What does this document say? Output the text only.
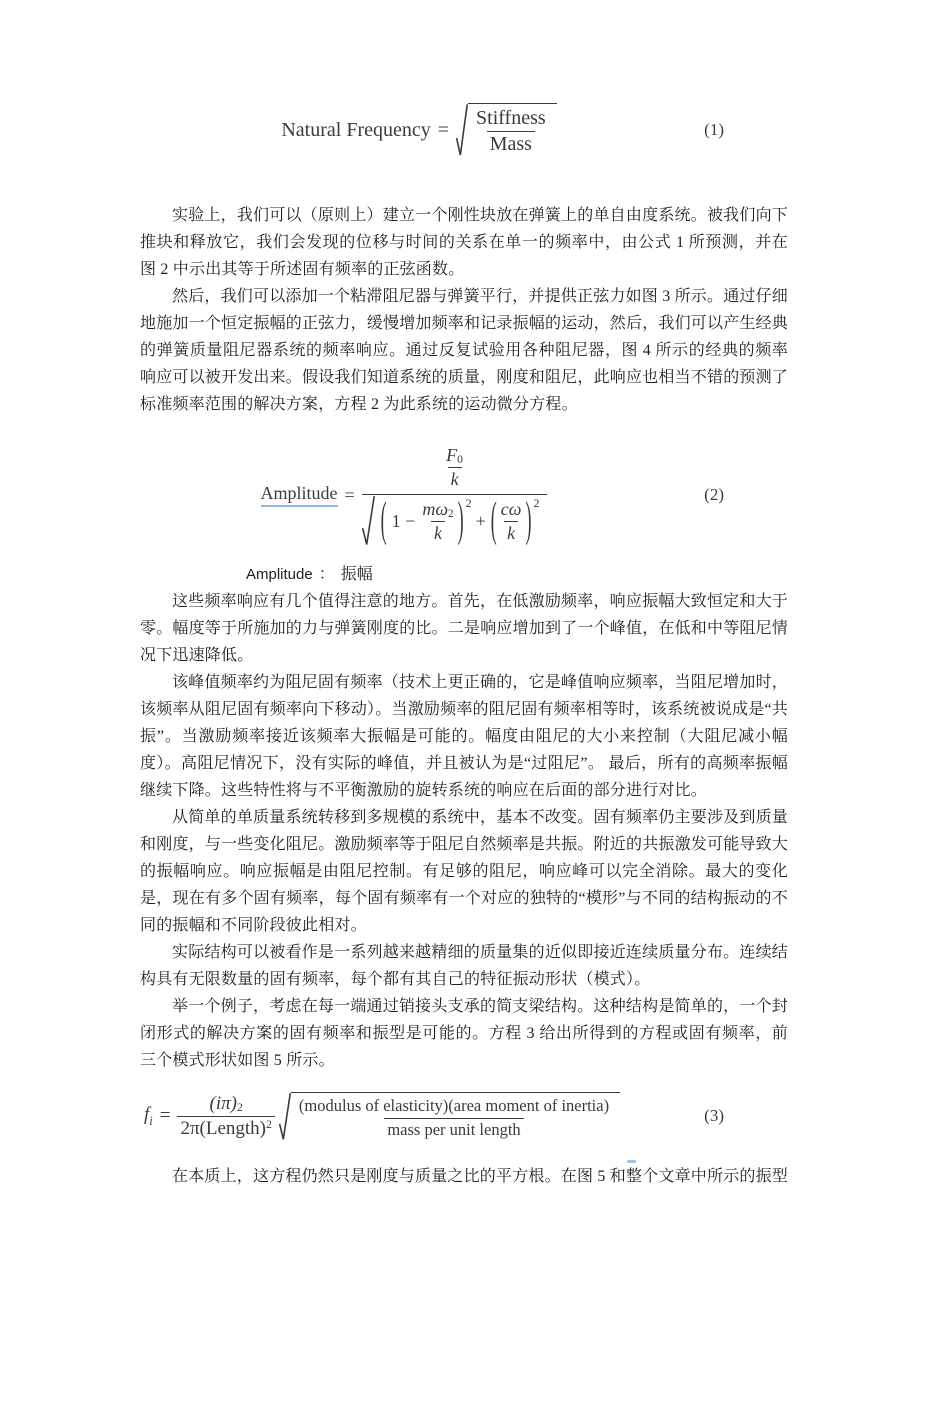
Natural Frequency = $\frac{\text{Stiffness}}{\text{Mass}}$	(1)

实验上，我们可以（原则上）建立一个刚性块放在弹簧上的单自由度系统。被我们向下推块和释放它，我们会发现的位移与时间的关系在单一的频率中，由公式 1 所预测，并在图 2 中示出其等于所述固有频率的正弦函数。

然后，我们可以添加一个粘滞阻尼器与弹簧平行，并提供正弦力如图 3 所示。通过仔细地施加一个恒定振幅的正弦力，缓慢增加频率和记录振幅的运动，然后，我们可以产生经典的弹簧质量阻尼器系统的频率响应。通过反复试验用各种阻尼器，图 4 所示的经典的频率响应可以被开发出来。假设我们知道系统的质量，刚度和阻尼，此响应也相当不错的预测了标准频率范围的解决方案，方程 2 为此系统的运动微分方程。

Amplitude =
$\frac{F_0}{k}$
( $1 - \frac{m\omega_2}{k}$ ) 2
+ ( $\frac{c\omega}{k}$ ) 2	(2)
Amplitude ： 振幅

这些频率响应有几个值得注意的地方。首先，在低激励频率，响应振幅大致恒定和大于零。幅度等于所施加的力与弹簧刚度的比。二是响应增加到了一个峰值，在低和中等阻尼情况下迅速降低。

该峰值频率约为阻尼固有频率（技术上更正确的，它是峰值响应频率，当阻尼增加时，该频率从阻尼固有频率向下移动）。当激励频率的阻尼固有频率相等时，该系统被说成是“共振”。当激励频率接近该频率大振幅是可能的。幅度由阻尼的大小来控制（大阻尼减小幅度）。高阻尼情况下，没有实际的峰值，并且被认为是“过阻尼”。 最后，所有的高频率振幅继续下降。这些特性将与不平衡激励的旋转系统的响应在后面的部分进行对比。

从简单的单质量系统转移到多规模的系统中，基本不改变。固有频率仍主要涉及到质量和刚度，与一些变化阻尼。激励频率等于阻尼自然频率是共振。附近的共振激发可能导致大的振幅响应。响应振幅是由阻尼控制。有足够的阻尼，响应峰可以完全消除。最大的变化是，现在有多个固有频率，每个固有频率有一个对应的独特的“模形”与不同的结构振动的不同的振幅和不同阶段彼此相对。

实际结构可以被看作是一系列越来越精细的质量集的近似即接近连续质量分布。连续结构具有无限数量的固有频率，每个都有其自己的特征振动形状（模式）。

举一个例子，考虑在每一端通过销接头支承的简支梁结构。这种结构是简单的，一个封闭形式的解决方案的固有频率和振型是可能的。方程 3 给出所得到的方程或固有频率，前三个模式形状如图 5 所示。

$f_i = \frac{(i\pi)_2}{\text{2π(Length) 2}} \frac{\text{(modulus of elasticity)(area moment of inertia)}}{\text{mass per unit length}}$	(3)

在本质上，这方程仍然只是刚度与质量之比的平方根。在图 5 和整个文章中所示的振型
